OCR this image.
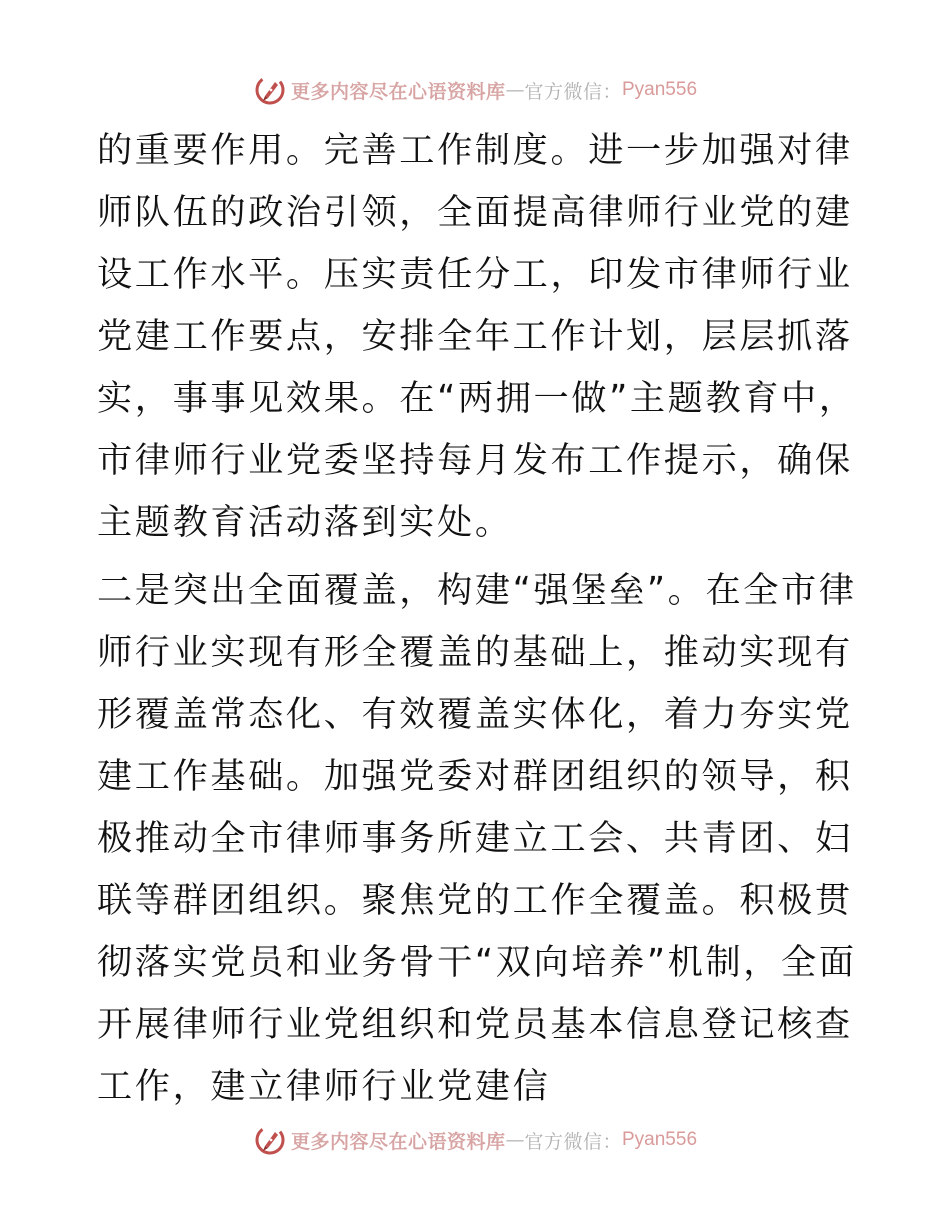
更多内容尽在心语资料库 — 官方微信： Pyan556

的重要作用。完善工作制度。进一步加强对律师队伍的政治引领，全面提高律师行业党的建设工作水平。压实责任分工，印发市律师行业党建工作要点，安排全年工作计划，层层抓落实，事事见效果。在“两拥一做”主题教育中，市律师行业党委坚持每月发布工作提示，确保主题教育活动落到实处。

二是突出全面覆盖，构建“强堡垒”。在全市律师行业实现有形全覆盖的基础上，推动实现有形覆盖常态化、有效覆盖实体化，着力夯实党建工作基础。加强党委对群团组织的领导，积极推动全市律师事务所建立工会、共青团、妇联等群团组织。聚焦党的工作全覆盖。积极贯彻落实党员和业务骨干“双向培养”机制，全面开展律师行业党组织和党员基本信息登记核查工作，建立律师行业党建信

更多内容尽在心语资料库 — 官方微信： Pyan556
